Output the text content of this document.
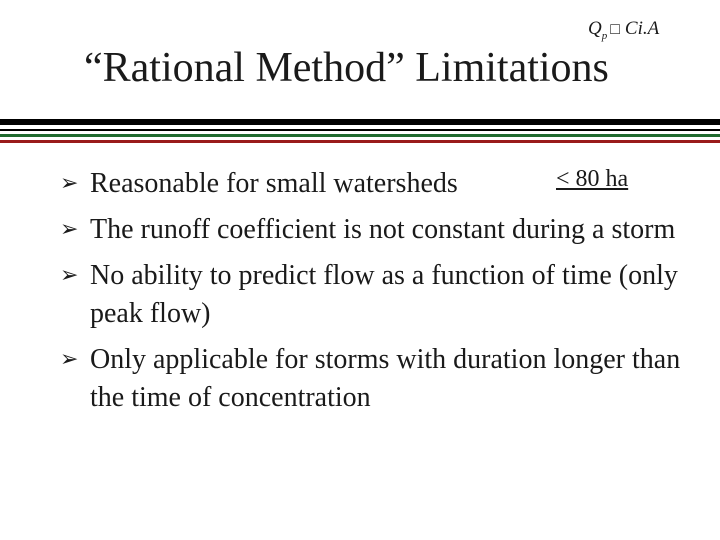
$Q_p$ □ Ci.A
“Rational Method” Limitations
➢ Reasonable for small watersheds
➢ The runoff coefficient is not constant during a storm
➢ No ability to predict flow as a function of time (only peak flow)
➢ Only applicable for storms with duration longer than the time of concentration
< 80 ha
